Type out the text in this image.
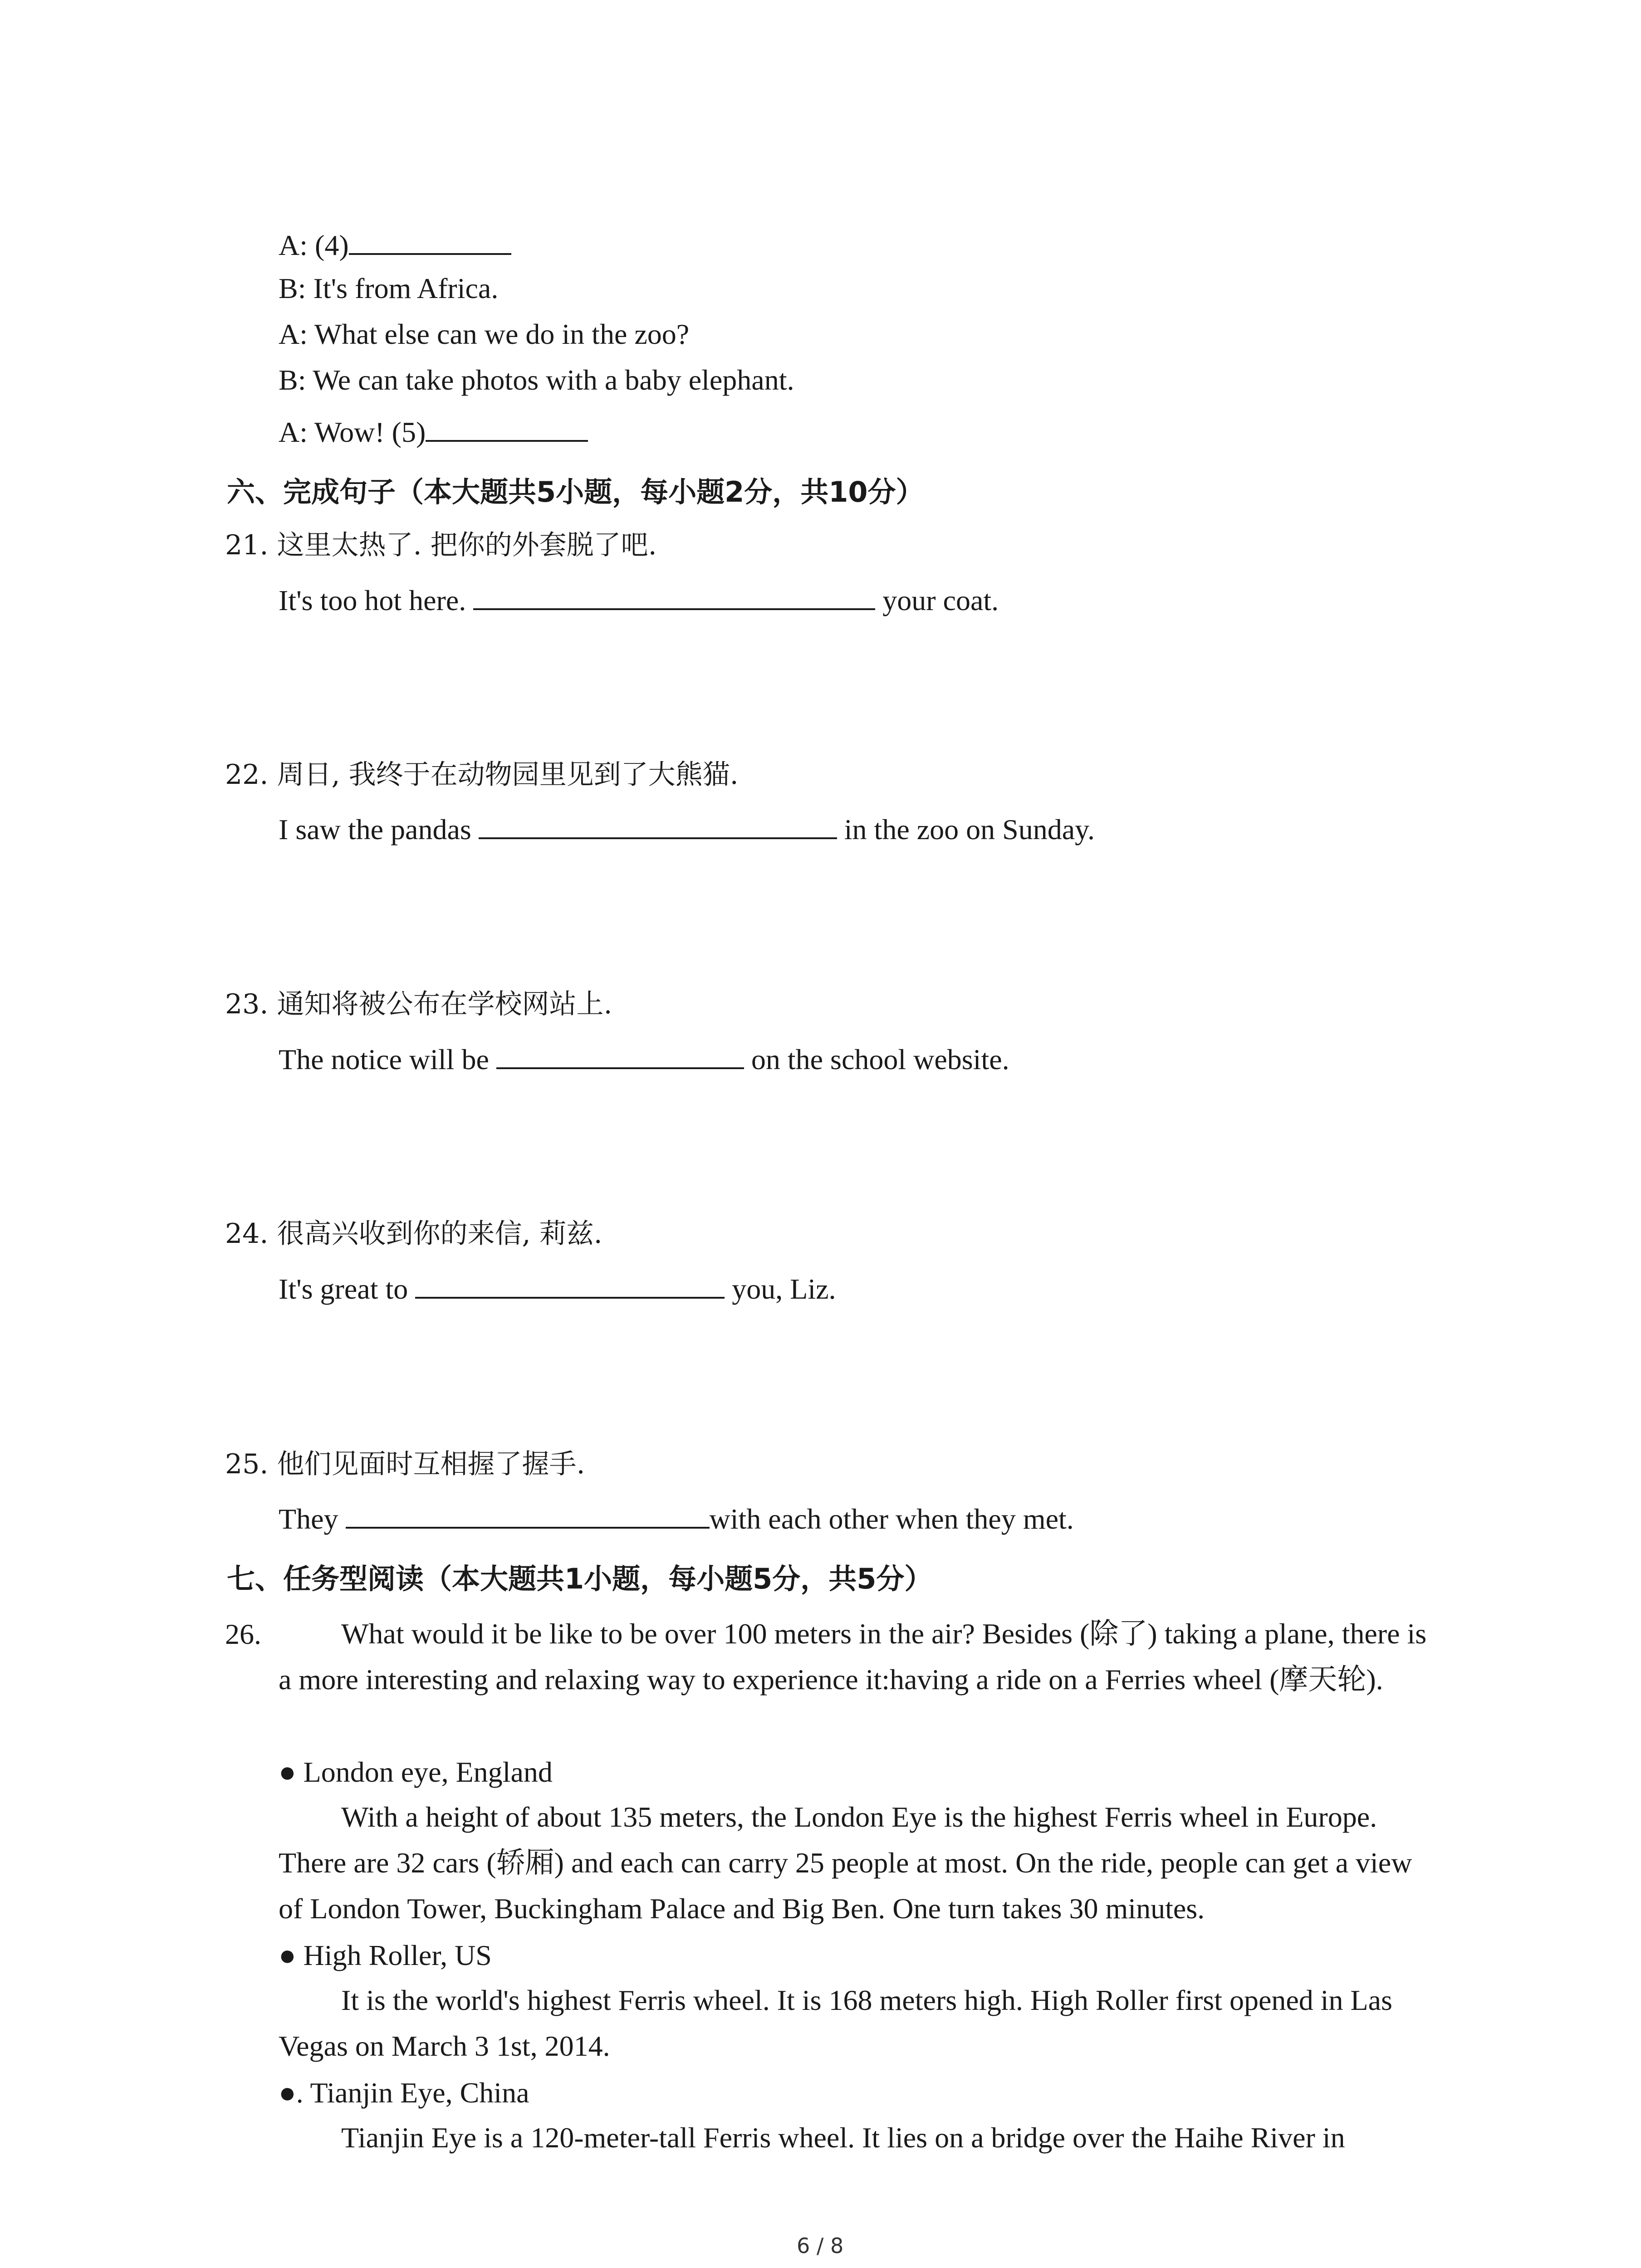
A: (4)
B: It's from Africa.
A: What else can we do in the zoo?
B: We can take photos with a baby elephant.
A: Wow! (5)
六、完成句子（本大题共5小题，每小题2分，共10分）
21. 这里太热了. 把你的外套脱了吧.
It's too hot here.	your coat.
22. 周日, 我终于在动物园里见到了大熊猫.
I saw the pandas	in the zoo on Sunday.
23. 通知将被公布在学校网站上.
The notice will be	on the school website.
24. 很高兴收到你的来信, 莉兹.
It's great to	you, Liz.
25. 他们见面时互相握了握手.
They	with each other when they met.
七、任务型阅读（本大题共1小题，每小题5分，共5分）
26.	What would it be like to be over 100 meters in the air? Besides (除了) taking a plane, there is a more interesting and relaxing way to experience it:having a ride on a Ferries wheel (摩天轮).
● London eye, England
With a height of about 135 meters, the London Eye is the highest Ferris wheel in Europe. There are 32 cars (轿厢) and each can carry 25 people at most. On the ride, people can get a view of London Tower, Buckingham Palace and Big Ben. One turn takes 30 minutes.
● High Roller, US
It is the world's highest Ferris wheel. It is 168 meters high. High Roller first opened in Las Vegas on March 3 1st, 2014.
●. Tianjin Eye, China
Tianjin Eye is a 120-meter-tall Ferris wheel. It lies on a bridge over the Haihe River in
6 / 8
